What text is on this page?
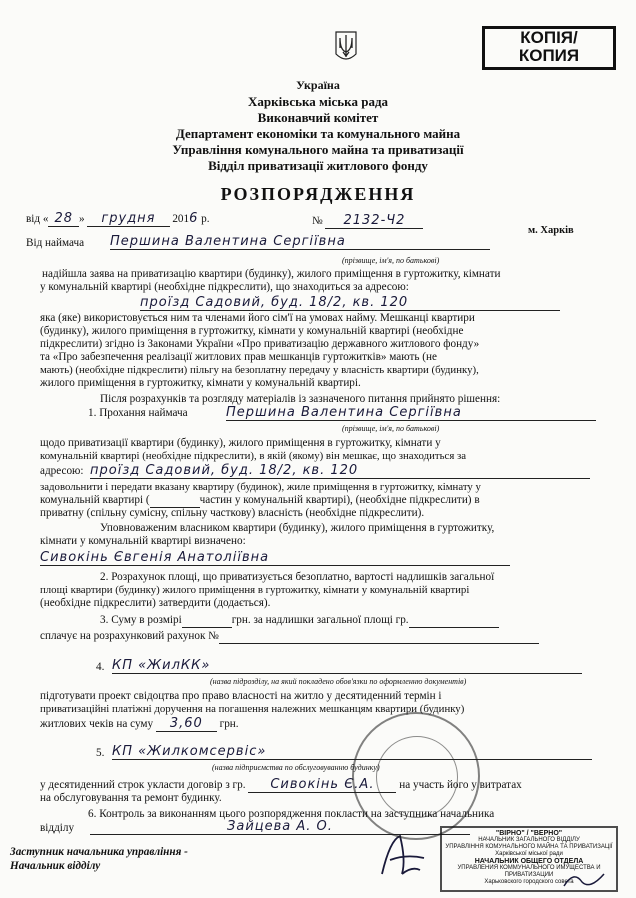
КОПІЯ/
КОПИЯ
Україна
Харківська міська рада
Виконавчий комітет
Департамент економіки та комунального майна
Управління комунального майна та приватизації
Відділ приватизації житлового фонду
РОЗПОРЯДЖЕННЯ
від « 28 » грудня 2016 р.	№ 2132-Ч2
м. Харків
Від наймача Першина Валентина Сергіївна
(прізвище, ім'я, по батькові)
надійшла заява на приватизацію квартири (будинку), жилого приміщення в гуртожитку, кімнати
у комунальній квартирі (необхідне підкреслити), що знаходиться за адресою:
проїзд Садовий, буд. 18/2, кв. 120
яка (яке) використовується ним та членами його сім'ї на умовах найму. Мешканці квартири
(будинку), жилого приміщення в гуртожитку, кімнати у комунальній квартирі (необхідне
підкреслити) згідно із Законами України «Про приватизацію державного житлового фонду»
та «Про забезпечення реалізації житлових прав мешканців гуртожитків» мають (не
мають) (необхідне підкреслити) пільгу на безоплатну передачу у власність квартири (будинку),
жилого приміщення в гуртожитку, кімнати у комунальній квартирі.
Після розрахунків та розгляду матеріалів із зазначеного питання прийнято рішення:
1. Прохання наймача	Першина Валентина Сергіївна
(прізвище, ім'я, по батькові)
щодо приватизації квартири (будинку), жилого приміщення в гуртожитку, кімнати у
комунальній квартирі (необхідне підкреслити), в якій (якому) він мешкає, що знаходиться за
адресою: проїзд Садовий, буд. 18/2, кв. 120
задовольнити і передати вказану квартиру (будинок), жиле приміщення в гуртожитку, кімнату у
комунальній квартирі (	частин у комунальній квартирі), (необхідне підкреслити) в
приватну (спільну сумісну, спільну часткову) власність (необхідне підкреслити).
Уповноваженим власником квартири (будинку), жилого приміщення в гуртожитку,
кімнати у комунальній квартирі визначено:
Сивокінь Євгенія Анатоліївна
2. Розрахунок площі, що приватизується безоплатно, вартості надлишків загальної
площі квартири (будинку) жилого приміщення в гуртожитку, кімнати у комунальній квартирі
(необхідне підкреслити) затвердити (додається).
3. Суму в розмірі	грн. за надлишки загальної площі гр.
сплачує на розрахунковий рахунок №
4. КП «ЖилКК»
(назва підрозділу, на який покладено обов'язки по оформленню документів)
підготувати проект свідоцтва про право власності на житло у десятиденний термін і
приватизаційні платіжні доручення на погашення належних мешканцям квартири (будинку)
житлових чеків на суму 3,60 грн.
5. КП «Жилкомсервіс»
(назва підприємства по обслуговуванню будинку)
у десятиденний строк укласти договір з гр. Сивокінь Є.А. на участь його у витратах
на обслуговування та ремонт будинку.
6. Контроль за виконанням цього розпорядження покласти на заступника начальника
відділу	Зайцева А. О.
Заступник начальника управління -
Начальник відділу
"ВІРНО" / "ВЕРНО"
НАЧАЛЬНИК ЗАГАЛЬНОГО ВІДДІЛУ
УПРАВЛІННЯ КОМУНАЛЬНОГО МАЙНА ТА ПРИВАТИЗАЦІЇ
Харківської міської ради
НАЧАЛЬНИК ОБЩЕГО ОТДЕЛА
УПРАВЛЕНИЯ КОММУНАЛЬНОГО ИМУЩЕСТВА И ПРИВАТИЗАЦИИ
Харьковского городского совета
